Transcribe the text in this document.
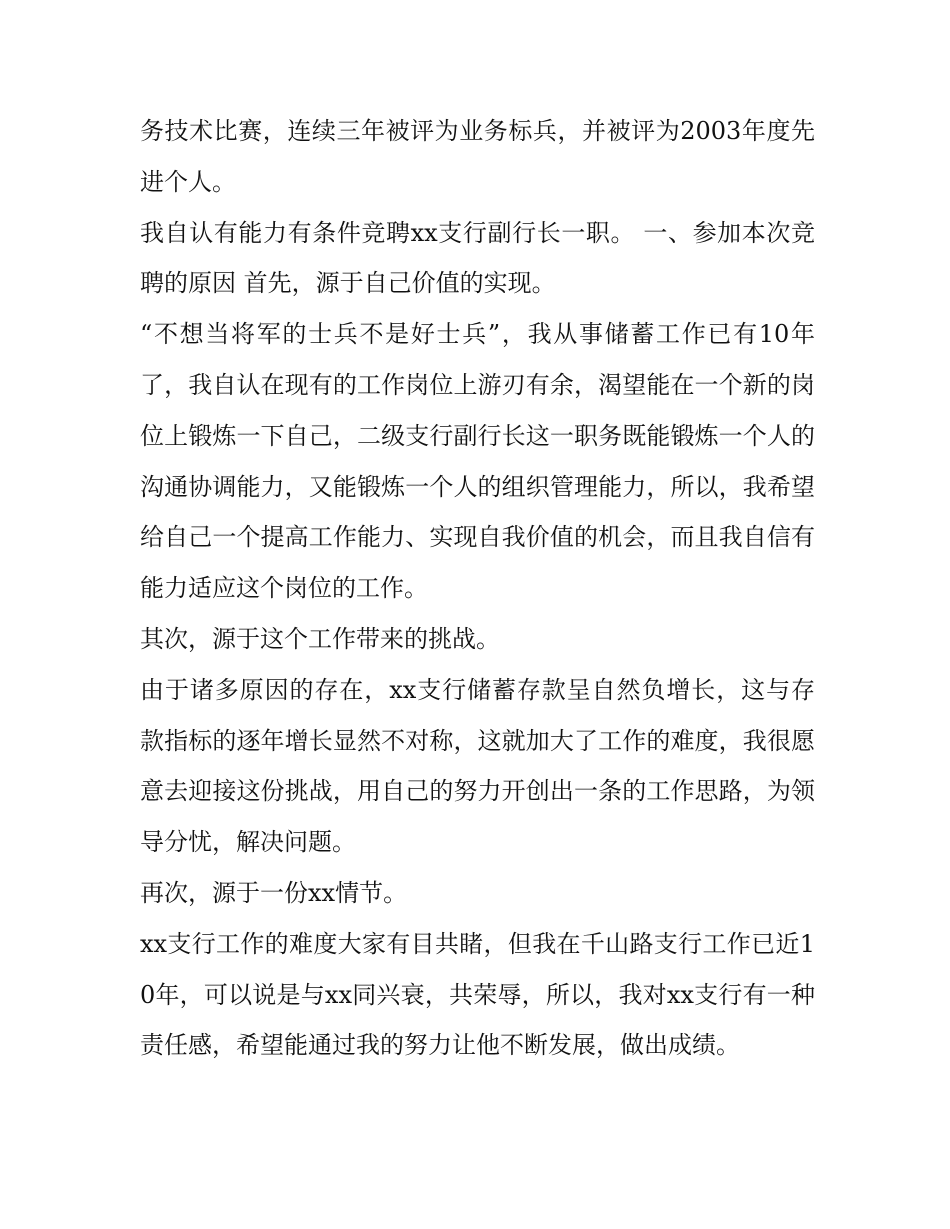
务技术比赛，连续三年被评为业务标兵，并被评为2003年度先进个人。

我自认有能力有条件竞聘xx支行副行长一职。 一、参加本次竞聘的原因 首先，源于自己价值的实现。

“不想当将军的士兵不是好士兵”，我从事储蓄工作已有10年了，我自认在现有的工作岗位上游刃有余，渴望能在一个新的岗位上锻炼一下自己，二级支行副行长这一职务既能锻炼一个人的沟通协调能力，又能锻炼一个人的组织管理能力，所以，我希望给自己一个提高工作能力、实现自我价值的机会，而且我自信有能力适应这个岗位的工作。

其次，源于这个工作带来的挑战。

由于诸多原因的存在，xx支行储蓄存款呈自然负增长，这与存款指标的逐年增长显然不对称，这就加大了工作的难度，我很愿意去迎接这份挑战，用自己的努力开创出一条的工作思路，为领导分忧，解决问题。

再次，源于一份xx情节。

xx支行工作的难度大家有目共睹，但我在千山路支行工作已近10年，可以说是与xx同兴衰，共荣辱，所以，我对xx支行有一种责任感，希望能通过我的努力让他不断发展，做出成绩。
